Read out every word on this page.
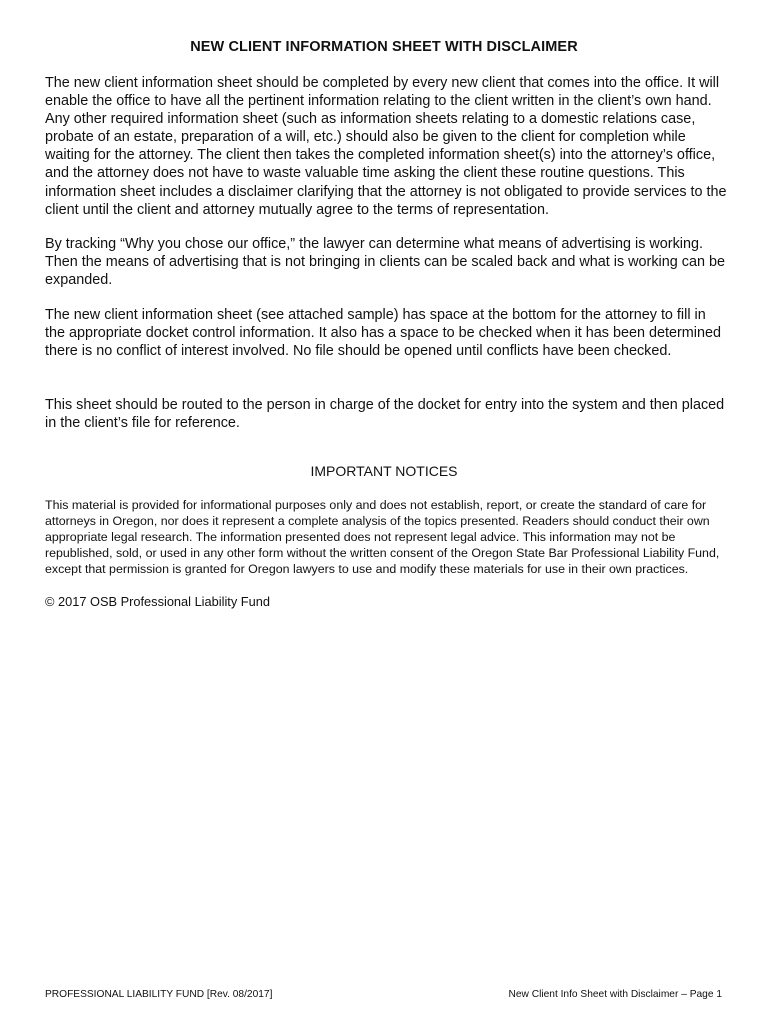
NEW CLIENT INFORMATION SHEET WITH DISCLAIMER

The new client information sheet should be completed by every new client that comes into the office. It will enable the office to have all the pertinent information relating to the client written in the client’s own hand. Any other required information sheet (such as information sheets relating to a domestic relations case, probate of an estate, preparation of a will, etc.) should also be given to the client for completion while waiting for the attorney. The client then takes the completed information sheet(s) into the attorney’s office, and the attorney does not have to waste valuable time asking the client these routine questions. This information sheet includes a disclaimer clarifying that the attorney is not obligated to provide services to the client until the client and attorney mutually agree to the terms of representation.

By tracking “Why you chose our office,” the lawyer can determine what means of advertising is working. Then the means of advertising that is not bringing in clients can be scaled back and what is working can be expanded.

The new client information sheet (see attached sample) has space at the bottom for the attorney to fill in the appropriate docket control information. It also has a space to be checked when it has been determined there is no conflict of interest involved. No file should be opened until conflicts have been checked.

This sheet should be routed to the person in charge of the docket for entry into the system and then placed in the client’s file for reference.

IMPORTANT NOTICES

This material is provided for informational purposes only and does not establish, report, or create the standard of care for attorneys in Oregon, nor does it represent a complete analysis of the topics presented. Readers should conduct their own appropriate legal research. The information presented does not represent legal advice. This information may not be republished, sold, or used in any other form without the written consent of the Oregon State Bar Professional Liability Fund, except that permission is granted for Oregon lawyers to use and modify these materials for use in their own practices.

© 2017 OSB Professional Liability Fund
PROFESSIONAL LIABILITY FUND [Rev. 08/2017]	New Client Info Sheet with Disclaimer – Page 1
